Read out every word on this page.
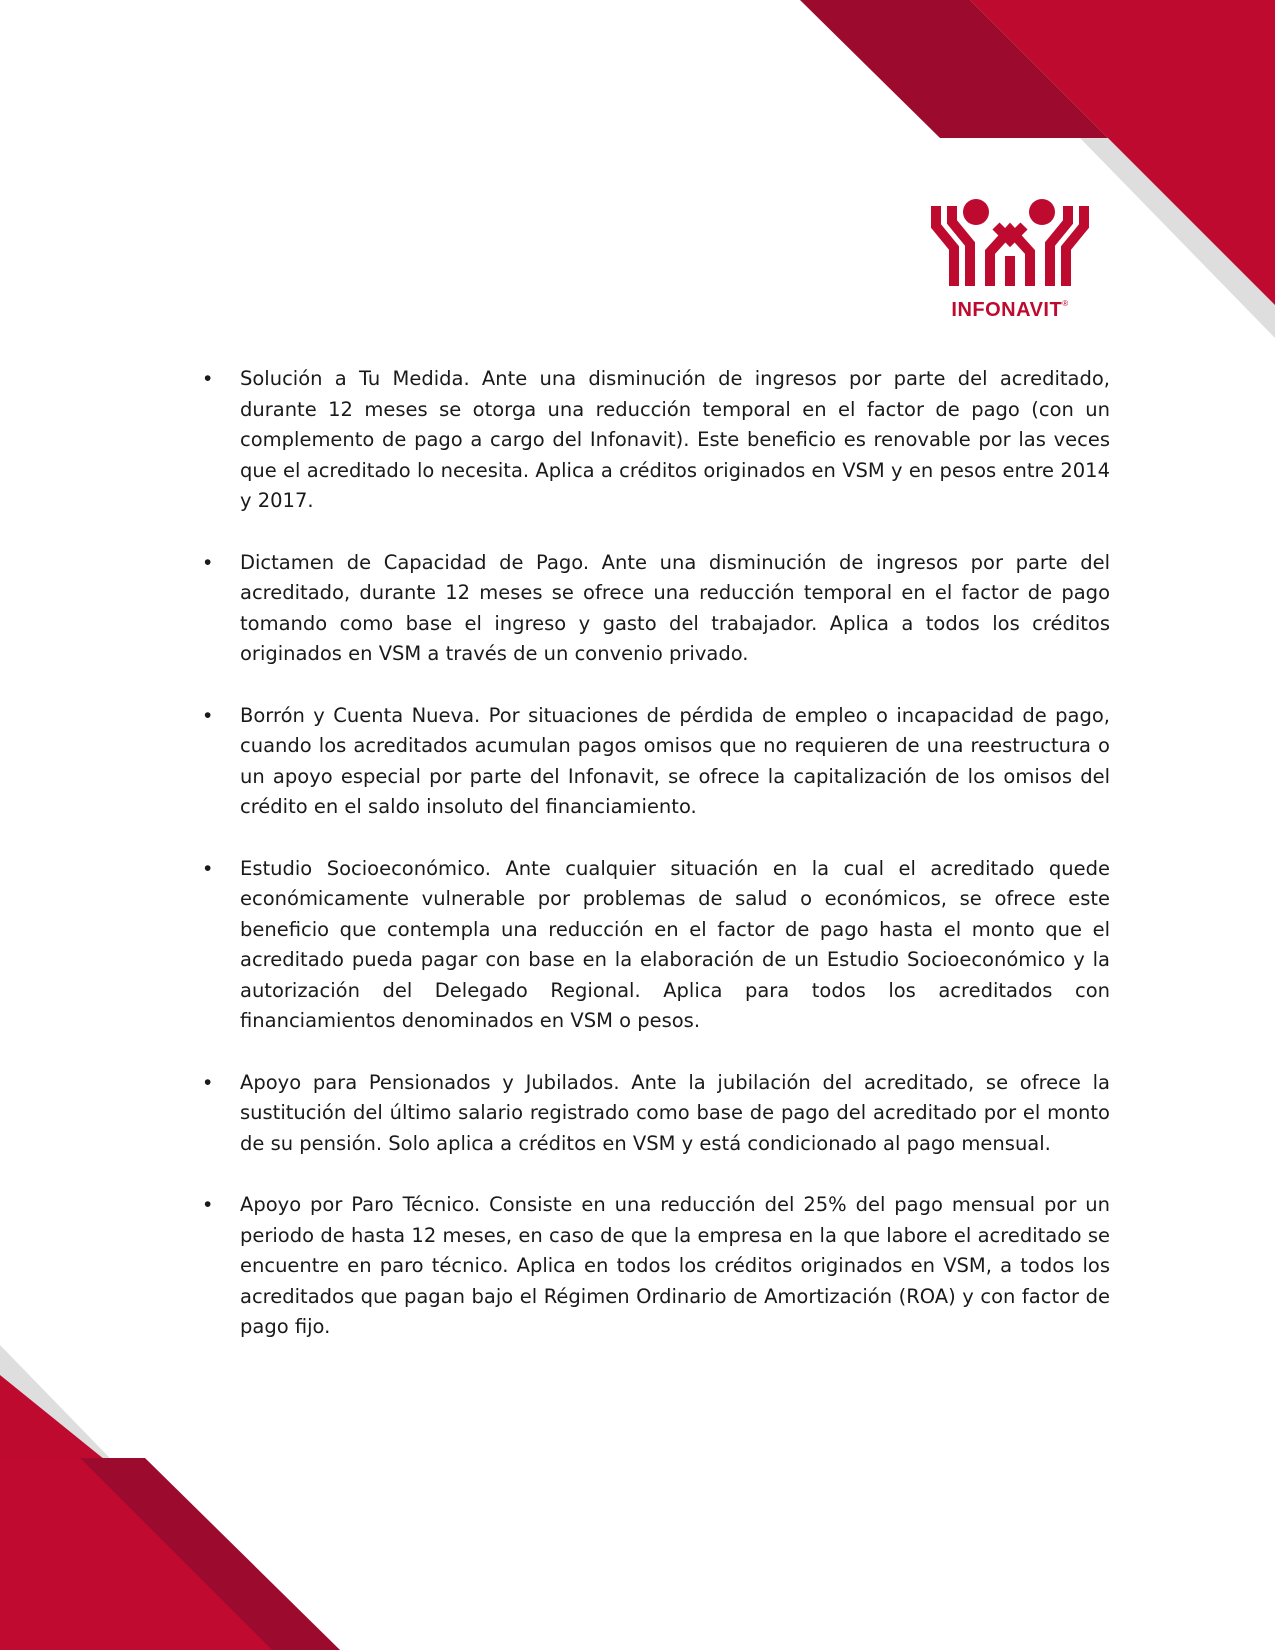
INFONAVIT®
• Solución a Tu Medida. Ante una disminución de ingresos por parte del acreditado, durante 12 meses se otorga una reducción temporal en el factor de pago (con un complemento de pago a cargo del Infonavit). Este beneficio es renovable por las veces que el acreditado lo necesita. Aplica a créditos originados en VSM y en pesos entre 2014 y 2017.

• Dictamen de Capacidad de Pago. Ante una disminución de ingresos por parte del acreditado, durante 12 meses se ofrece una reducción temporal en el factor de pago tomando como base el ingreso y gasto del trabajador. Aplica a todos los créditos originados en VSM a través de un convenio privado.

• Borrón y Cuenta Nueva. Por situaciones de pérdida de empleo o incapacidad de pago, cuando los acreditados acumulan pagos omisos que no requieren de una reestructura o un apoyo especial por parte del Infonavit, se ofrece la capitalización de los omisos del crédito en el saldo insoluto del financiamiento.

• Estudio Socioeconómico. Ante cualquier situación en la cual el acreditado quede económicamente vulnerable por problemas de salud o económicos, se ofrece este beneficio que contempla una reducción en el factor de pago hasta el monto que el acreditado pueda pagar con base en la elaboración de un Estudio Socioeconómico y la autorización del Delegado Regional. Aplica para todos los acreditados con financiamientos denominados en VSM o pesos.

• Apoyo para Pensionados y Jubilados. Ante la jubilación del acreditado, se ofrece la sustitución del último salario registrado como base de pago del acreditado por el monto de su pensión. Solo aplica a créditos en VSM y está condicionado al pago mensual.

• Apoyo por Paro Técnico. Consiste en una reducción del 25% del pago mensual por un periodo de hasta 12 meses, en caso de que la empresa en la que labore el acreditado se encuentre en paro técnico. Aplica en todos los créditos originados en VSM, a todos los acreditados que pagan bajo el Régimen Ordinario de Amortización (ROA) y con factor de pago fijo.
